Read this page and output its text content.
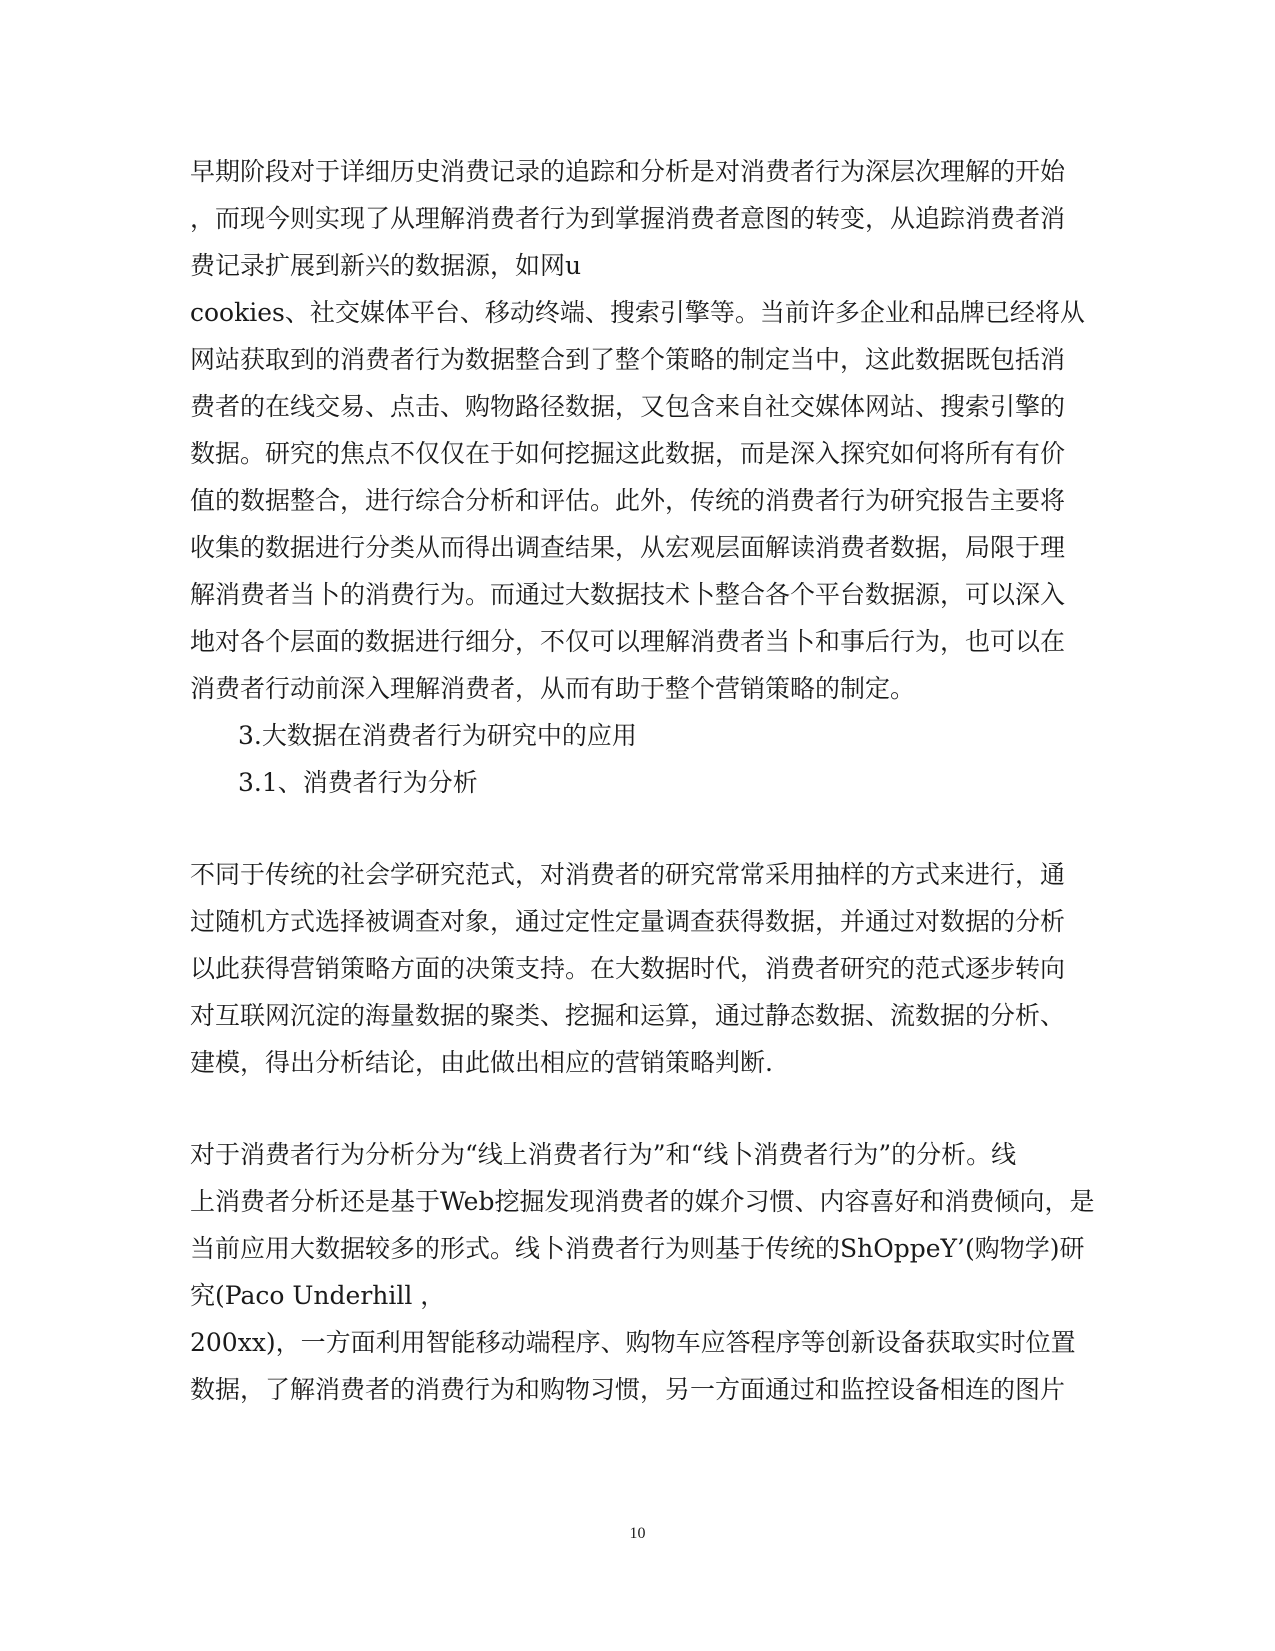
早期阶段对于详细历史消费记录的追踪和分析是对消费者行为深层次理解的开始
，而现今则实现了从理解消费者行为到掌握消费者意图的转变，从追踪消费者消
费记录扩展到新兴的数据源，如网u
cookies、社交媒体平台、移动终端、搜索引擎等。当前许多企业和品牌已经将从
网站获取到的消费者行为数据整合到了整个策略的制定当中，这此数据既包括消
费者的在线交易、点击、购物路径数据，又包含来自社交媒体网站、搜索引擎的
数据。研究的焦点不仅仅在于如何挖掘这此数据，而是深入探究如何将所有有价
值的数据整合，进行综合分析和评估。此外，传统的消费者行为研究报告主要将
收集的数据进行分类从而得出调查结果，从宏观层面解读消费者数据，局限于理
解消费者当卜的消费行为。而通过大数据技术卜整合各个平台数据源，可以深入
地对各个层面的数据进行细分，不仅可以理解消费者当卜和事后行为，也可以在
消费者行动前深入理解消费者，从而有助于整个营销策略的制定。
3.大数据在消费者行为研究中的应用
3.1、消费者行为分析
不同于传统的社会学研究范式，对消费者的研究常常采用抽样的方式来进行，通
过随机方式选择被调查对象，通过定性定量调查获得数据，并通过对数据的分析
以此获得营销策略方面的决策支持。在大数据时代，消费者研究的范式逐步转向
对互联网沉淀的海量数据的聚类、挖掘和运算，通过静态数据、流数据的分析、
建模，得出分析结论，由此做出相应的营销策略判断.
对于消费者行为分析分为“线上消费者行为”和“线卜消费者行为”的分析。线
上消费者分析还是基于Web挖掘发现消费者的媒介习惯、内容喜好和消费倾向，是
当前应用大数据较多的形式。线卜消费者行为则基于传统的ShOppeY’(购物学)研
究(Paco Underhill ，
200xx)，一方面利用智能移动端程序、购物车应答程序等创新设备获取实时位置
数据，了解消费者的消费行为和购物习惯，另一方面通过和监控设备相连的图片
10
